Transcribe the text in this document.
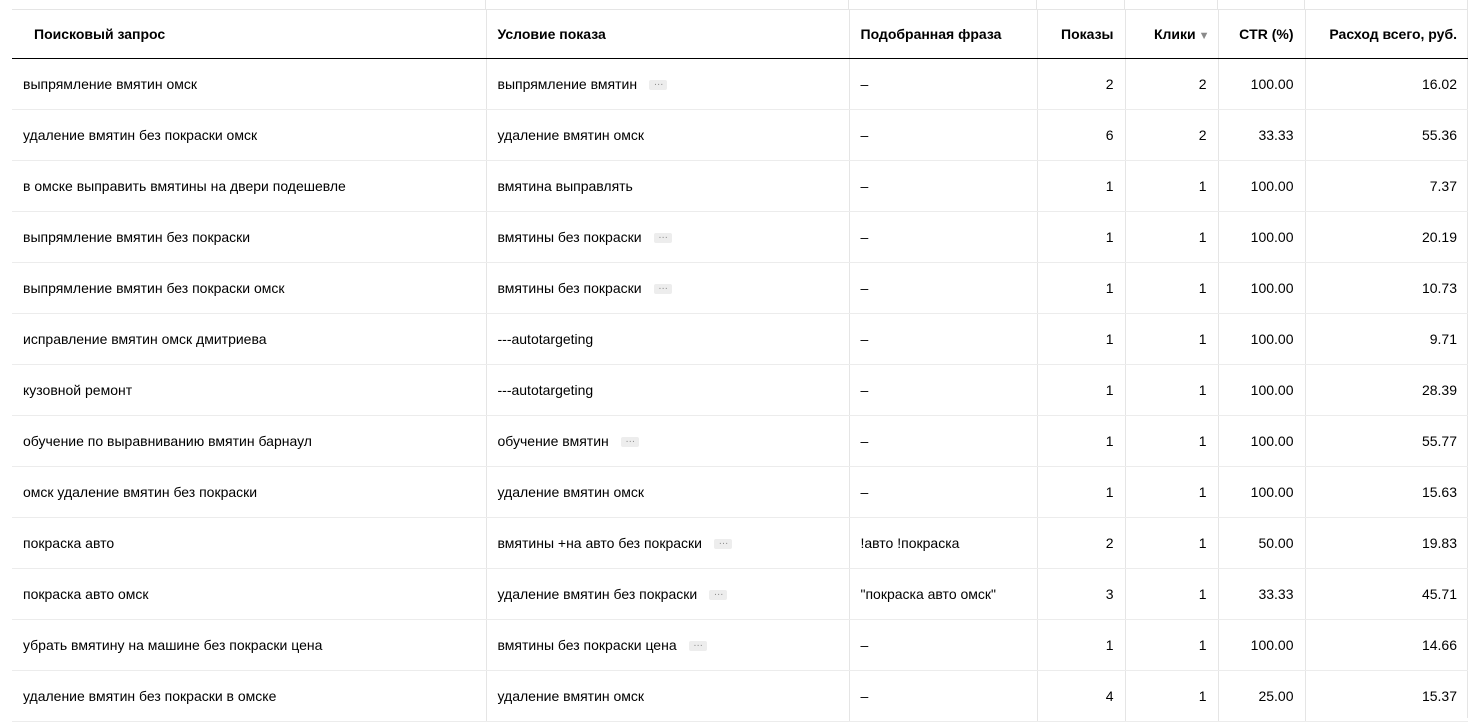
Поисковый запрос	Условие показа	Подобранная фраза	Показы	Клики ▼	CTR (%)	Расход всего, руб.
выпрямление вмятин омск	выпрямление вмятин …	–	2	2	100.00	16.02
удаление вмятин без покраски омск	удаление вмятин омск	–	6	2	33.33	55.36
в омске выправить вмятины на двери подешевле	вмятина выправлять	–	1	1	100.00	7.37
выпрямление вмятин без покраски	вмятины без покраски …	–	1	1	100.00	20.19
выпрямление вмятин без покраски омск	вмятины без покраски …	–	1	1	100.00	10.73
исправление вмятин омск дмитриева	---autotargeting	–	1	1	100.00	9.71
кузовной ремонт	---autotargeting	–	1	1	100.00	28.39
обучение по выравниванию вмятин барнаул	обучение вмятин …	–	1	1	100.00	55.77
омск удаление вмятин без покраски	удаление вмятин омск	–	1	1	100.00	15.63
покраска авто	вмятины +на авто без покраски …	!авто !покраска	2	1	50.00	19.83
покраска авто омск	удаление вмятин без покраски …	"покраска авто омск"	3	1	33.33	45.71
убрать вмятину на машине без покраски цена	вмятины без покраски цена …	–	1	1	100.00	14.66
удаление вмятин без покраски в омске	удаление вмятин омск	–	4	1	25.00	15.37
